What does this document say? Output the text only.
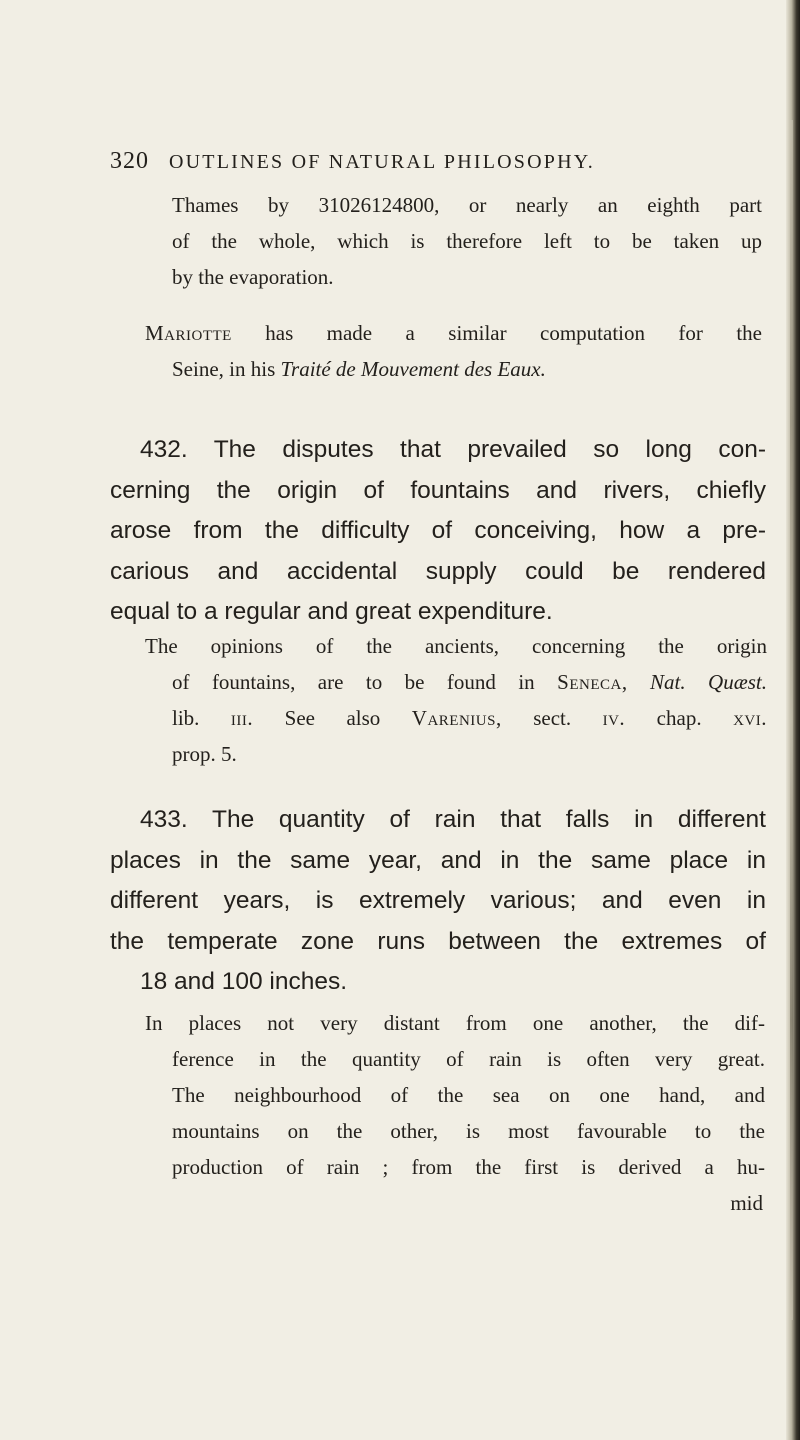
320 OUTLINES OF NATURAL PHILOSOPHY.
Thames by 31026124800, or nearly an eighth part
of the whole, which is therefore left to be taken up
by the evaporation.
Mariotte has made a similar computation for the
Seine, in his Traité de Mouvement des Eaux.
432. The disputes that prevailed so long con-
cerning the origin of fountains and rivers, chiefly
arose from the difficulty of conceiving, how a pre-
carious and accidental supply could be rendered
equal to a regular and great expenditure.
The opinions of the ancients, concerning the origin
of fountains, are to be found in Seneca, Nat. Quæst.
lib. iii. See also Varenius, sect. iv. chap. xvi.
prop. 5.
433. The quantity of rain that falls in different
places in the same year, and in the same place in
different years, is extremely various; and even in
the temperate zone runs between the extremes of
18 and 100 inches.
In places not very distant from one another, the dif-
ference in the quantity of rain is often very great.
The neighbourhood of the sea on one hand, and
mountains on the other, is most favourable to the
production of rain ; from the first is derived a hu-
mid
